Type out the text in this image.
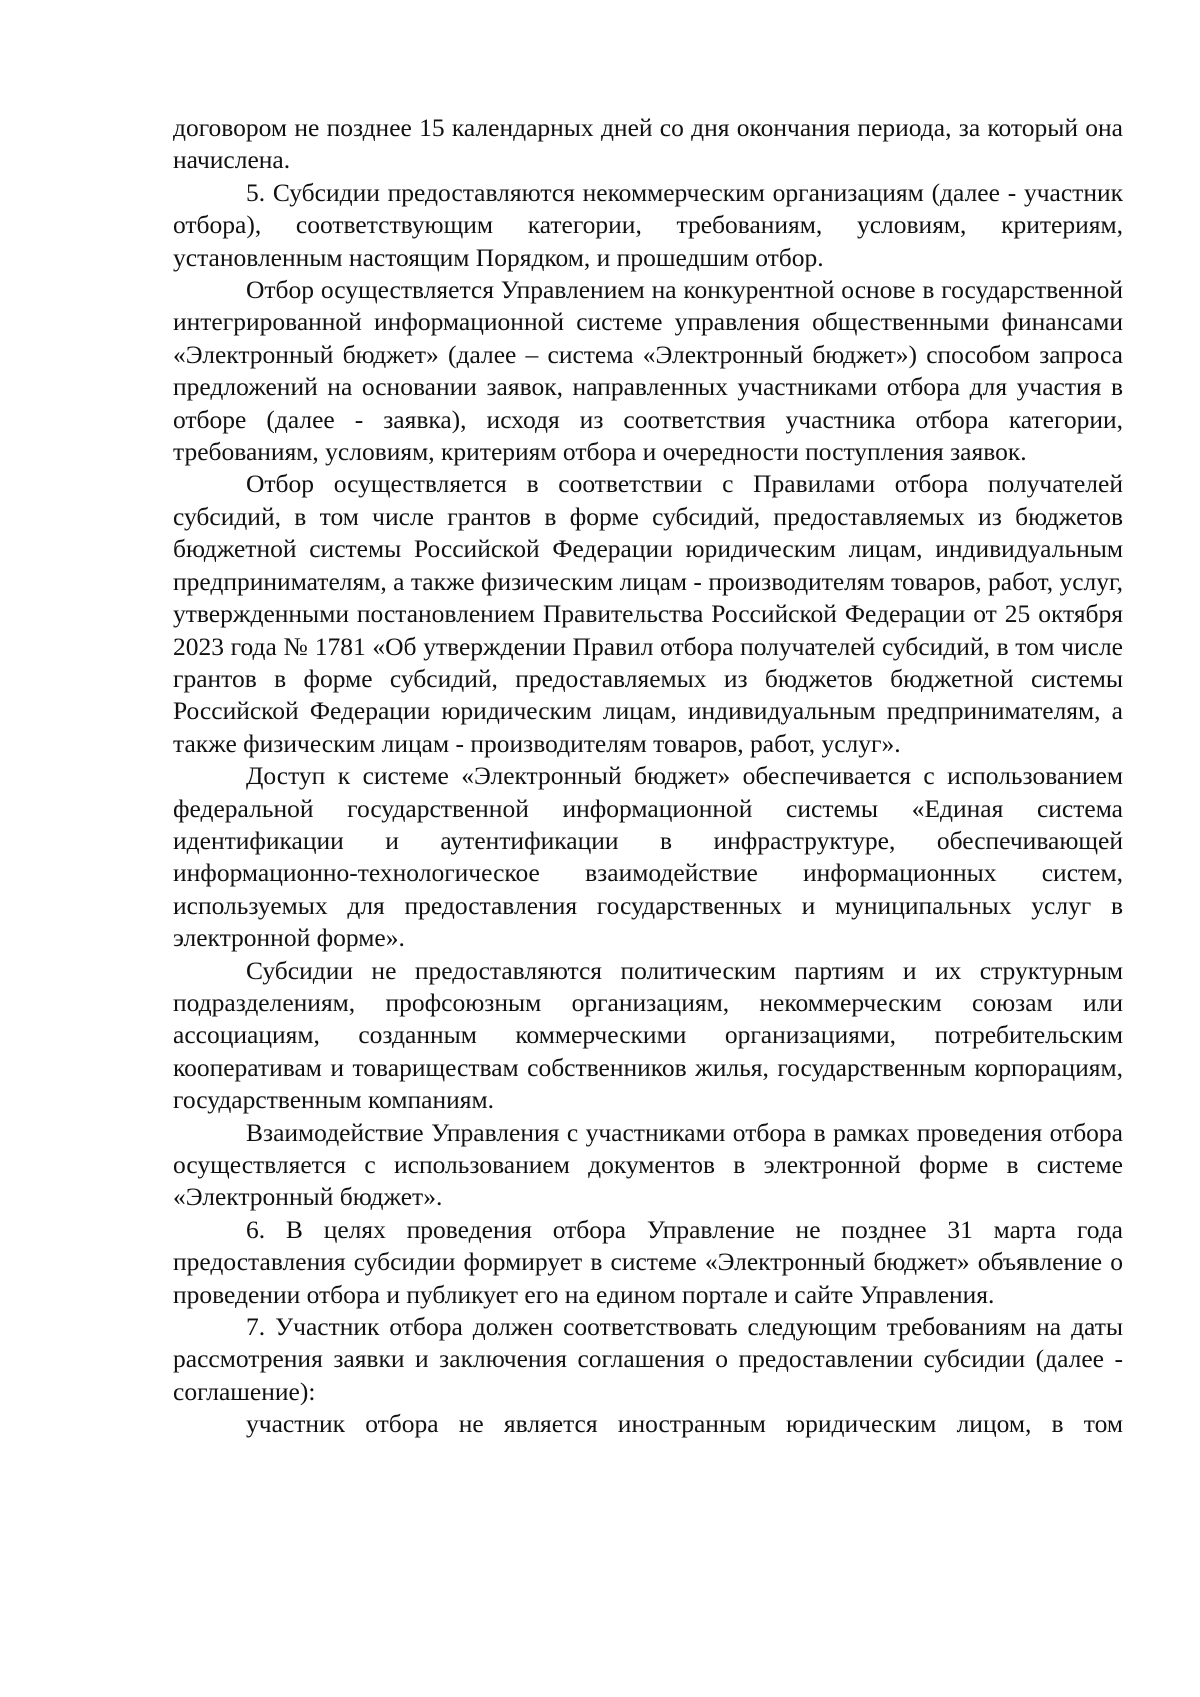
договором не позднее 15 календарных дней со дня окончания периода, за который она начислена.

5. Субсидии предоставляются некоммерческим организациям (далее - участник отбора), соответствующим категории, требованиям, условиям, критериям, установленным настоящим Порядком, и прошедшим отбор.

Отбор осуществляется Управлением на конкурентной основе в государственной интегрированной информационной системе управления общественными финансами «Электронный бюджет» (далее – система «Электронный бюджет») способом запроса предложений на основании заявок, направленных участниками отбора для участия в отборе (далее - заявка), исходя из соответствия участника отбора категории, требованиям, условиям, критериям отбора и очередности поступления заявок.

Отбор осуществляется в соответствии с Правилами отбора получателей субсидий, в том числе грантов в форме субсидий, предоставляемых из бюджетов бюджетной системы Российской Федерации юридическим лицам, индивидуальным предпринимателям, а также физическим лицам - производителям товаров, работ, услуг, утвержденными постановлением Правительства Российской Федерации от 25 октября 2023 года № 1781 «Об утверждении Правил отбора получателей субсидий, в том числе грантов в форме субсидий, предоставляемых из бюджетов бюджетной системы Российской Федерации юридическим лицам, индивидуальным предпринимателям, а также физическим лицам - производителям товаров, работ, услуг».

Доступ к системе «Электронный бюджет» обеспечивается с использованием федеральной государственной информационной системы «Единая система идентификации и аутентификации в инфраструктуре, обеспечивающей информационно-технологическое взаимодействие информационных систем, используемых для предоставления государственных и муниципальных услуг в электронной форме».

Субсидии не предоставляются политическим партиям и их структурным подразделениям, профсоюзным организациям, некоммерческим союзам или ассоциациям, созданным коммерческими организациями, потребительским кооперативам и товариществам собственников жилья, государственным корпорациям, государственным компаниям.

Взаимодействие Управления с участниками отбора в рамках проведения отбора осуществляется с использованием документов в электронной форме в системе «Электронный бюджет».

6. В целях проведения отбора Управление не позднее 31 марта года предоставления субсидии формирует в системе «Электронный бюджет» объявление о проведении отбора и публикует его на едином портале и сайте Управления.

7. Участник отбора должен соответствовать следующим требованиям на даты рассмотрения заявки и заключения соглашения о предоставлении субсидии (далее - соглашение):

участник отбора не является иностранным юридическим лицом, в том
